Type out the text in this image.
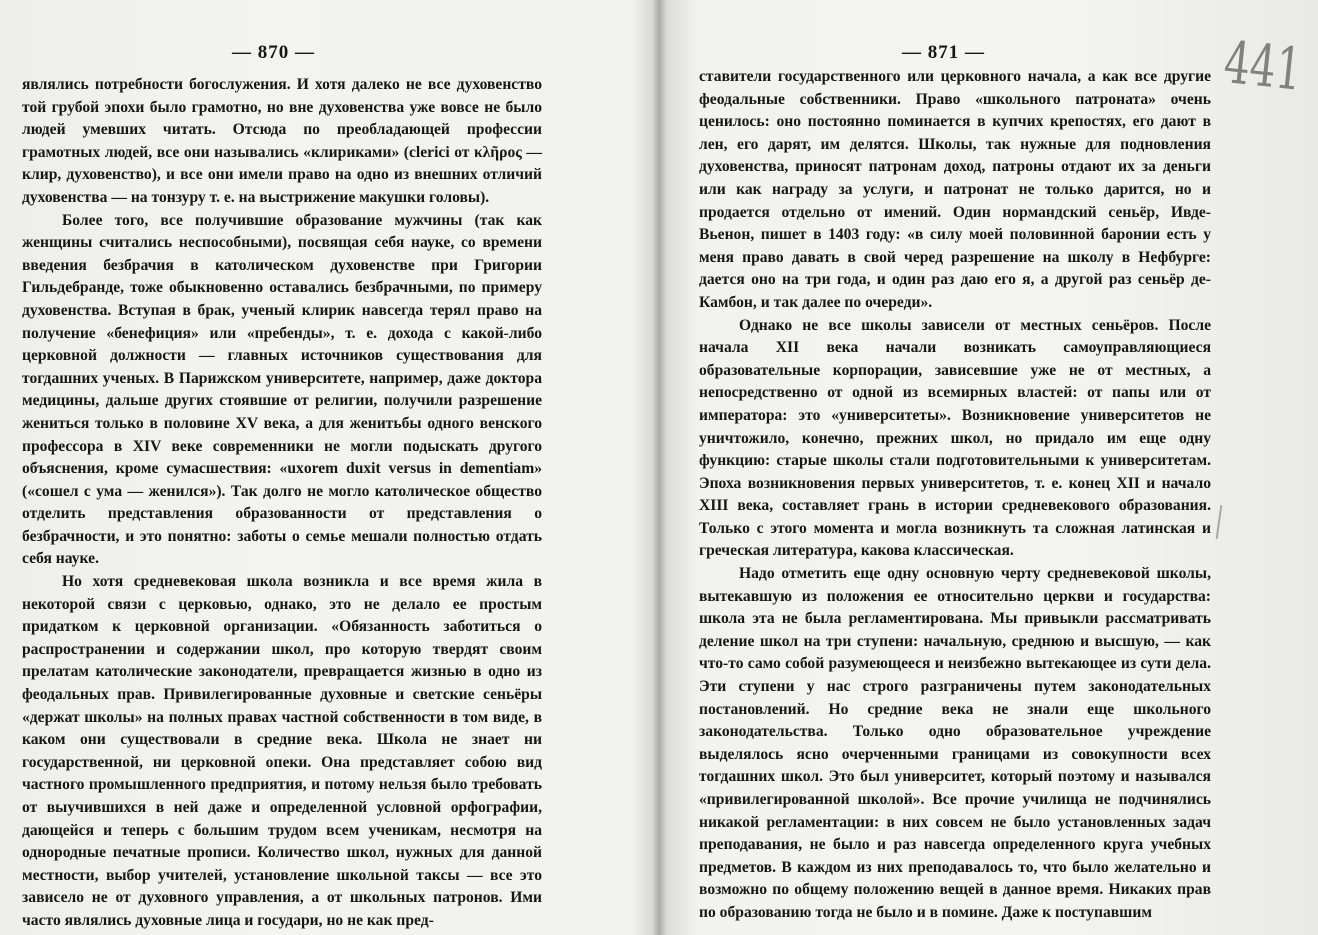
— 870 —

являлись потребности богослужения. И хотя далеко не все духовенство той грубой эпохи было грамотно, но вне духовенства уже вовсе не было людей умевших читать. Отсюда по преобладающей профессии грамотных людей, все они назывались «клириками» (clerici от κλῆρος — клир, духовенство), и все они имели право на одно из внешних отличий духовенства — на тонзуру т. е. на выстрижение макушки головы).

Более того, все получившие образование мужчины (так как женщины считались неспособными), посвящая себя науке, со времени введения безбрачия в католическом духовенстве при Григории Гильдебранде, тоже обыкновенно оставались безбрачными, по примеру духовенства. Вступая в брак, ученый клирик навсегда терял право на получение «бенефиция» или «пребенды», т. е. дохода с какой-либо церковной должности — главных источников существования для тогдашних ученых. В Парижском университете, например, даже доктора медицины, дальше других стоявшие от религии, получили разрешение жениться только в половине XV века, а для женитьбы одного венского профессора в XIV веке современники не могли подыскать другого объяснения, кроме сумасшествия: «uxorem duxit versus in dementiam» («сошел с ума — женился»). Так долго не могло католическое общество отделить представления образованности от представления о безбрачности, и это понятно: заботы о семье мешали полностью отдать себя науке.

Но хотя средневековая школа возникла и все время жила в некоторой связи с церковью, однако, это не делало ее простым придатком к церковной организации. «Обязанность заботиться о распространении и содержании школ, про которую твердят своим прелатам католические законодатели, превращается жизнью в одно из феодальных прав. Привилегированные духовные и светские сеньёры «держат школы» на полных правах частной собственности в том виде, в каком они существовали в средние века. Школа не знает ни государственной, ни церковной опеки. Она представляет собою вид частного промышленного предприятия, и потому нельзя было требовать от выучившихся в ней даже и определенной условной орфографии, дающейся и теперь с большим трудом всем ученикам, несмотря на однородные печатные прописи. Количество школ, нужных для данной местности, выбор учителей, установление школьной таксы — все это зависело не от духовного управления, а от школьных патронов. Ими часто являлись духовные лица и государи, но не как пред-

— 871 —	441

ставители государственного или церковного начала, а как все другие феодальные собственники. Право «школьного патроната» очень ценилось: оно постоянно поминается в купчих крепостях, его дают в лен, его дарят, им делятся. Школы, так нужные для подновления духовенства, приносят патронам доход, патроны отдают их за деньги или как награду за услуги, и патронат не только дарится, но и продается отдельно от имений. Один нормандский сеньёр, Ивде-Вьенон, пишет в 1403 году: «в силу моей половинной баронии есть у меня право давать в свой черед разрешение на школу в Нефбурге: дается оно на три года, и один раз даю его я, а другой раз сеньёр де-Камбон, и так далее по очереди».

Однако не все школы зависели от местных сеньёров. После начала XII века начали возникать самоуправляющиеся образовательные корпорации, зависевшие уже не от местных, а непосредственно от одной из всемирных властей: от папы или от императора: это «университеты». Возникновение университетов не уничтожило, конечно, прежних школ, но придало им еще одну функцию: старые школы стали подготовительными к университетам. Эпоха возникновения первых университетов, т. е. конец XII и начало XIII века, составляет грань в истории средневекового образования. Только с этого момента и могла возникнуть та сложная латинская и греческая литература, какова классическая.

Надо отметить еще одну основную черту средневековой школы, вытекавшую из положения ее относительно церкви и государства: школа эта не была регламентирована. Мы привыкли рассматривать деление школ на три ступени: начальную, среднюю и высшую, — как что-то само собой разумеющееся и неизбежно вытекающее из сути дела. Эти ступени у нас строго разграничены путем законодательных постановлений. Но средние века не знали еще школьного законодательства. Только одно образовательное учреждение выделялось ясно очерченными границами из совокупности всех тогдашних школ. Это был университет, который поэтому и назывался «привилегированной школой». Все прочие училища не подчинялись никакой регламентации: в них совсем не было установленных задач преподавания, не было и раз навсегда определенного круга учебных предметов. В каждом из них преподавалось то, что было желательно и возможно по общему положению вещей в данное время. Никаких прав по образованию тогда не было и в помине. Даже к поступавшим
